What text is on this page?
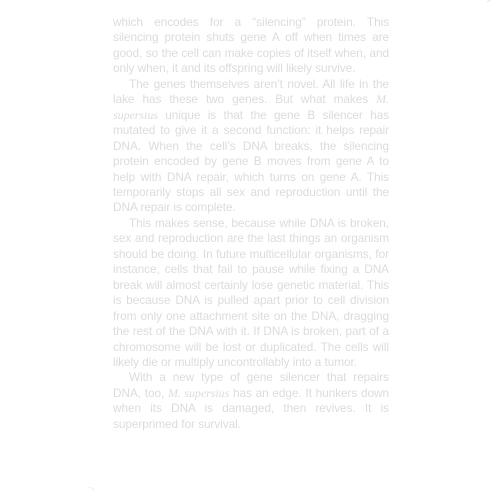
which encodes for a “silencing” protein. This silencing protein shuts gene A off when times are good, so the cell can make copies of itself when, and only when, it and its offspring will likely survive.

The genes themselves aren’t novel. All life in the lake has these two genes. But what makes M. supersius unique is that the gene B silencer has mutated to give it a second function: it helps repair DNA. When the cell’s DNA breaks, the silencing protein encoded by gene B moves from gene A to help with DNA repair, which turns on gene A. This temporarily stops all sex and reproduction until the DNA repair is complete.

This makes sense, because while DNA is broken, sex and reproduction are the last things an organism should be doing. In future multicellular organisms, for instance, cells that fail to pause while fixing a DNA break will almost certainly lose genetic material. This is because DNA is pulled apart prior to cell division from only one attachment site on the DNA, dragging the rest of the DNA with it. If DNA is broken, part of a chromosome will be lost or duplicated. The cells will likely die or multiply uncontrollably into a tumor.

With a new type of gene silencer that repairs DNA, too, M. supersius has an edge. It hunkers down when its DNA is damaged, then revives. It is superprimed for survival.
